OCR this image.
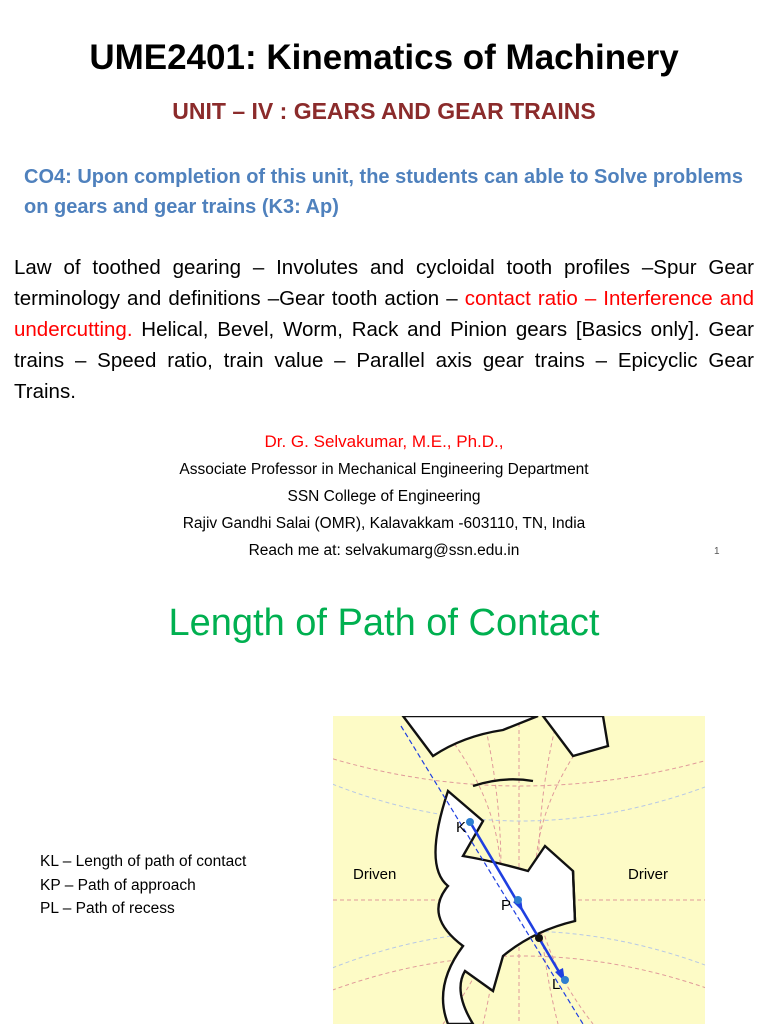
UME2401: Kinematics of Machinery
UNIT – IV : GEARS AND GEAR TRAINS
CO4: Upon completion of this unit, the students can able to Solve problems on gears and gear trains (K3: Ap)
Law of toothed gearing – Involutes and cycloidal tooth profiles –Spur Gear terminology and definitions –Gear tooth action – contact ratio – Interference and undercutting. Helical, Bevel, Worm, Rack and Pinion gears [Basics only]. Gear trains – Speed ratio, train value – Parallel axis gear trains – Epicyclic Gear Trains.
Dr. G. Selvakumar, M.E., Ph.D.,
Associate Professor in Mechanical Engineering Department
SSN College of Engineering
Rajiv Gandhi Salai (OMR), Kalavakkam -603110, TN, India
Reach me at: selvakumarg@ssn.edu.in	1
Length of Path of Contact
KL – Length of path of contact
KP – Path of approach
PL – Path of recess
Driven	Driver
K
P
L
